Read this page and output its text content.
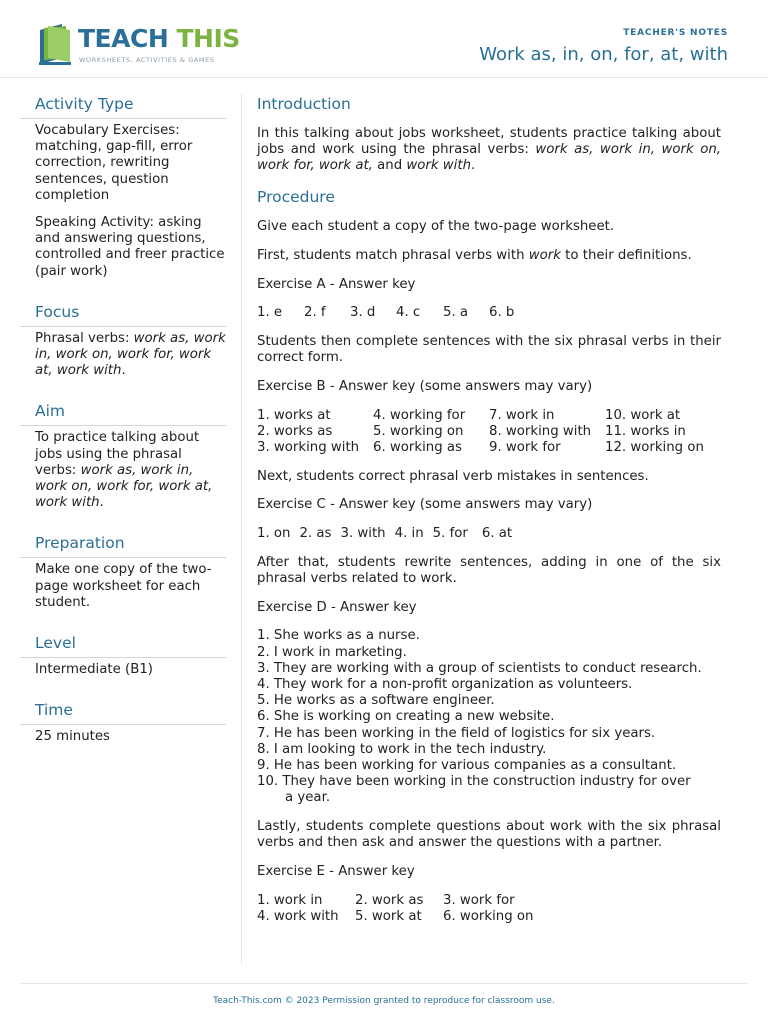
TEACH THIS
WORKSHEETS, ACTIVITIES & GAMES
TEACHER'S NOTES
Work as, in, on, for, at, with
Activity Type

Vocabulary Exercises: matching, gap-fill, error correction, rewriting sentences, question completion

Speaking Activity: asking and answering questions, controlled and freer practice (pair work)

Focus

Phrasal verbs: work as, work in, work on, work for, work at, work with.

Aim

To practice talking about jobs using the phrasal verbs: work as, work in, work on, work for, work at, work with.

Preparation

Make one copy of the two-page worksheet for each student.

Level

Intermediate (B1)

Time

25 minutes

Introduction

In this talking about jobs worksheet, students practice talking about jobs and work using the phrasal verbs: work as, work in, work on, work for, work at, and work with.

Procedure

Give each student a copy of the two-page worksheet.

First, students match phrasal verbs with work to their definitions.

Exercise A - Answer key

1. e	2. f	3. d	4. c	5. a	6. b

Students then complete sentences with the six phrasal verbs in their correct form.

Exercise B - Answer key (some answers may vary)

1. works at	4. working for	7. work in	10. work at
2. works as	5. working on	8. working with	11. works in
3. working with	6. working as	9. work for	12. working on

Next, students correct phrasal verb mistakes in sentences.

Exercise C - Answer key (some answers may vary)

1. on 2. as 3. with 4. in 5. for 6. at

After that, students rewrite sentences, adding in one of the six phrasal verbs related to work.

Exercise D - Answer key

1. She works as a nurse.
2. I work in marketing.
3. They are working with a group of scientists to conduct research.
4. They work for a non-profit organization as volunteers.
5. He works as a software engineer.
6. She is working on creating a new website.
7. He has been working in the field of logistics for six years.
8. I am looking to work in the tech industry.
9. He has been working for various companies as a consultant.
10. They have been working in the construction industry for over a year.

Lastly, students complete questions about work with the six phrasal verbs and then ask and answer the questions with a partner.

Exercise E - Answer key

1. work in	2. work as	3. work for
4. work with	5. work at	6. working on
Teach-This.com © 2023 Permission granted to reproduce for classroom use.
